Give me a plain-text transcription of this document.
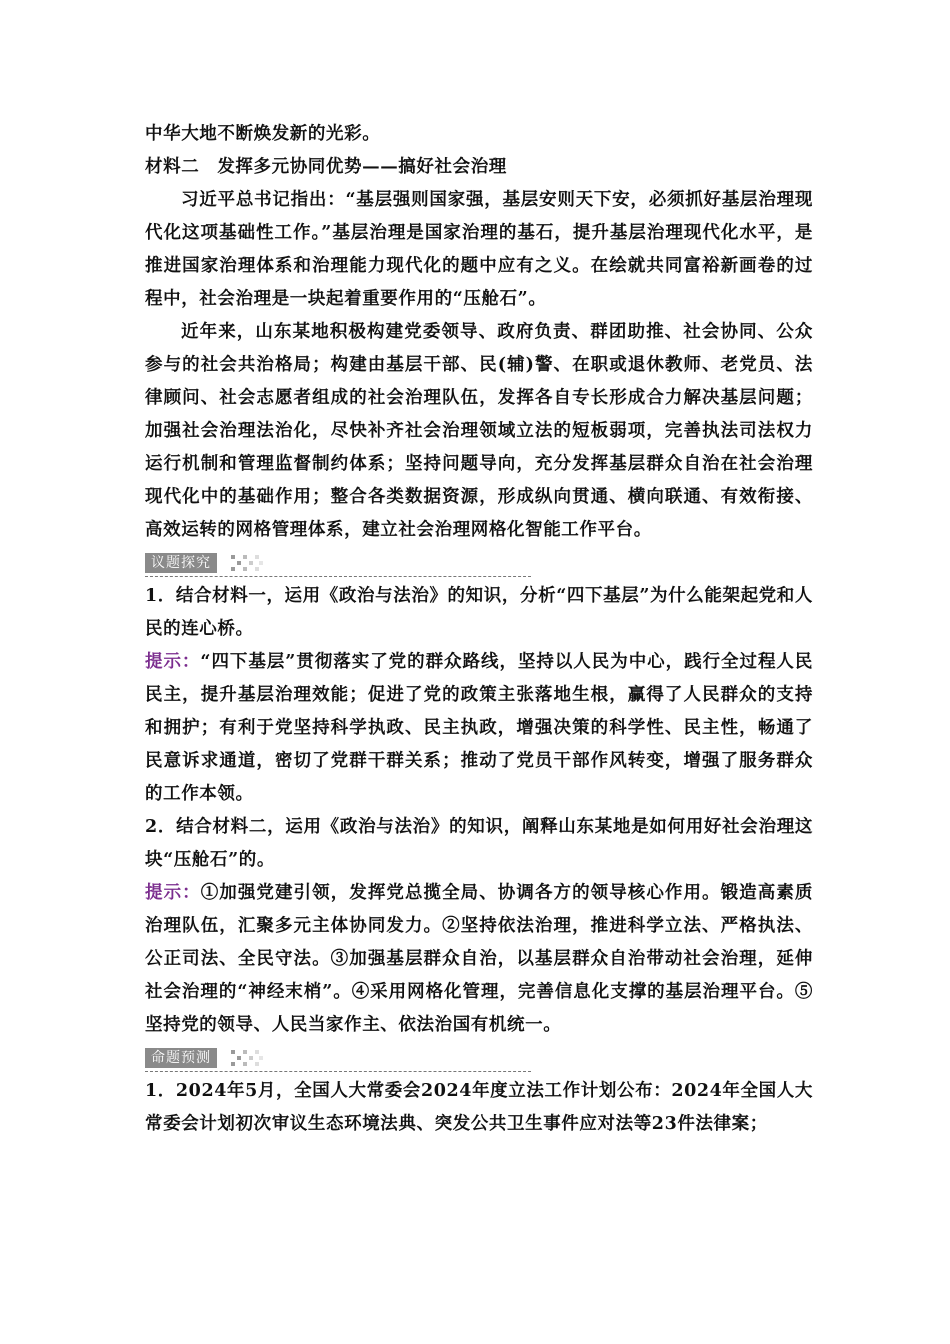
中华大地不断焕发新的光彩。
材料二 发挥多元协同优势——搞好社会治理

习近平总书记指出：“基层强则国家强，基层安则天下安，必须抓好基层治理现代化这项基础性工作。”基层治理是国家治理的基石，提升基层治理现代化水平，是推进国家治理体系和治理能力现代化的题中应有之义。在绘就共同富裕新画卷的过程中，社会治理是一块起着重要作用的“压舱石”。

近年来，山东某地积极构建党委领导、政府负责、群团助推、社会协同、公众参与的社会共治格局；构建由基层干部、民(辅)警、在职或退休教师、老党员、法律顾问、社会志愿者组成的社会治理队伍，发挥各自专长形成合力解决基层问题；加强社会治理法治化，尽快补齐社会治理领域立法的短板弱项，完善执法司法权力运行机制和管理监督制约体系；坚持问题导向，充分发挥基层群众自治在社会治理现代化中的基础作用；整合各类数据资源，形成纵向贯通、横向联通、有效衔接、高效运转的网格管理体系，建立社会治理网格化智能工作平台。

议题探究

1．结合材料一，运用《政治与法治》的知识，分析“四下基层”为什么能架起党和人民的连心桥。

提示：“四下基层”贯彻落实了党的群众路线，坚持以人民为中心，践行全过程人民民主，提升基层治理效能；促进了党的政策主张落地生根，赢得了人民群众的支持和拥护；有利于党坚持科学执政、民主执政，增强决策的科学性、民主性，畅通了民意诉求通道，密切了党群干群关系；推动了党员干部作风转变，增强了服务群众的工作本领。

2．结合材料二，运用《政治与法治》的知识，阐释山东某地是如何用好社会治理这块“压舱石”的。

提示：①加强党建引领，发挥党总揽全局、协调各方的领导核心作用。锻造高素质治理队伍，汇聚多元主体协同发力。②坚持依法治理，推进科学立法、严格执法、公正司法、全民守法。③加强基层群众自治，以基层群众自治带动社会治理，延伸社会治理的“神经末梢”。④采用网格化管理，完善信息化支撑的基层治理平台。⑤坚持党的领导、人民当家作主、依法治国有机统一。

命题预测

1．2024年5月，全国人大常委会2024年度立法工作计划公布：2024年全国人大常委会计划初次审议生态环境法典、突发公共卫生事件应对法等23件法律案；
